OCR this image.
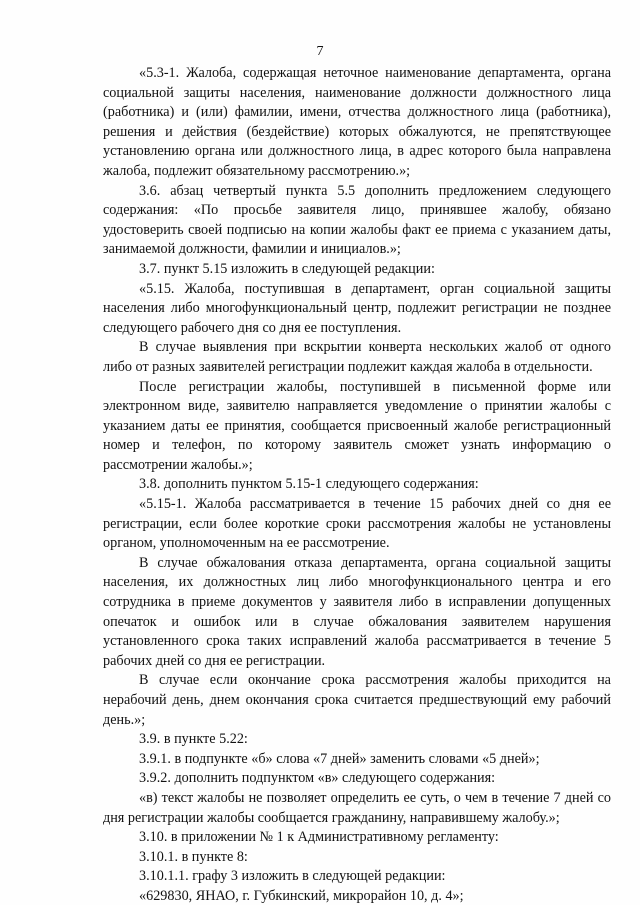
7

«5.3-1. Жалоба, содержащая неточное наименование департамента, органа социальной защиты населения, наименование должности должностного лица (работника) и (или) фамилии, имени, отчества должностного лица (работника), решения и действия (бездействие) которых обжалуются, не препятствующее установлению органа или должностного лица, в адрес которого была направлена жалоба, подлежит обязательному рассмотрению.»;

3.6. абзац четвертый пункта 5.5 дополнить предложением следующего содержания: «По просьбе заявителя лицо, принявшее жалобу, обязано удостоверить своей подписью на копии жалобы факт ее приема с указанием даты, занимаемой должности, фамилии и инициалов.»;

3.7. пункт 5.15 изложить в следующей редакции:

«5.15. Жалоба, поступившая в департамент, орган социальной защиты населения либо многофункциональный центр, подлежит регистрации не позднее следующего рабочего дня со дня ее поступления.

В случае выявления при вскрытии конверта нескольких жалоб от одного либо от разных заявителей регистрации подлежит каждая жалоба в отдельности.

После регистрации жалобы, поступившей в письменной форме или электронном виде, заявителю направляется уведомление о принятии жалобы с указанием даты ее принятия, сообщается присвоенный жалобе регистрационный номер и телефон, по которому заявитель сможет узнать информацию о рассмотрении жалобы.»;

3.8. дополнить пунктом 5.15-1 следующего содержания:

«5.15-1. Жалоба рассматривается в течение 15 рабочих дней со дня ее регистрации, если более короткие сроки рассмотрения жалобы не установлены органом, уполномоченным на ее рассмотрение.

В случае обжалования отказа департамента, органа социальной защиты населения, их должностных лиц либо многофункционального центра и его сотрудника в приеме документов у заявителя либо в исправлении допущенных опечаток и ошибок или в случае обжалования заявителем нарушения установленного срока таких исправлений жалоба рассматривается в течение 5 рабочих дней со дня ее регистрации.

В случае если окончание срока рассмотрения жалобы приходится на нерабочий день, днем окончания срока считается предшествующий ему рабочий день.»;

3.9. в пункте 5.22:

3.9.1. в подпункте «б» слова «7 дней» заменить словами «5 дней»;

3.9.2. дополнить подпунктом «в» следующего содержания:

«в) текст жалобы не позволяет определить ее суть, о чем в течение 7 дней со дня регистрации жалобы сообщается гражданину, направившему жалобу.»;

3.10. в приложении № 1 к Административному регламенту:

3.10.1. в пункте 8:

3.10.1.1. графу 3 изложить в следующей редакции:

«629830, ЯНАО, г. Губкинский, микрорайон 10, д. 4»;
